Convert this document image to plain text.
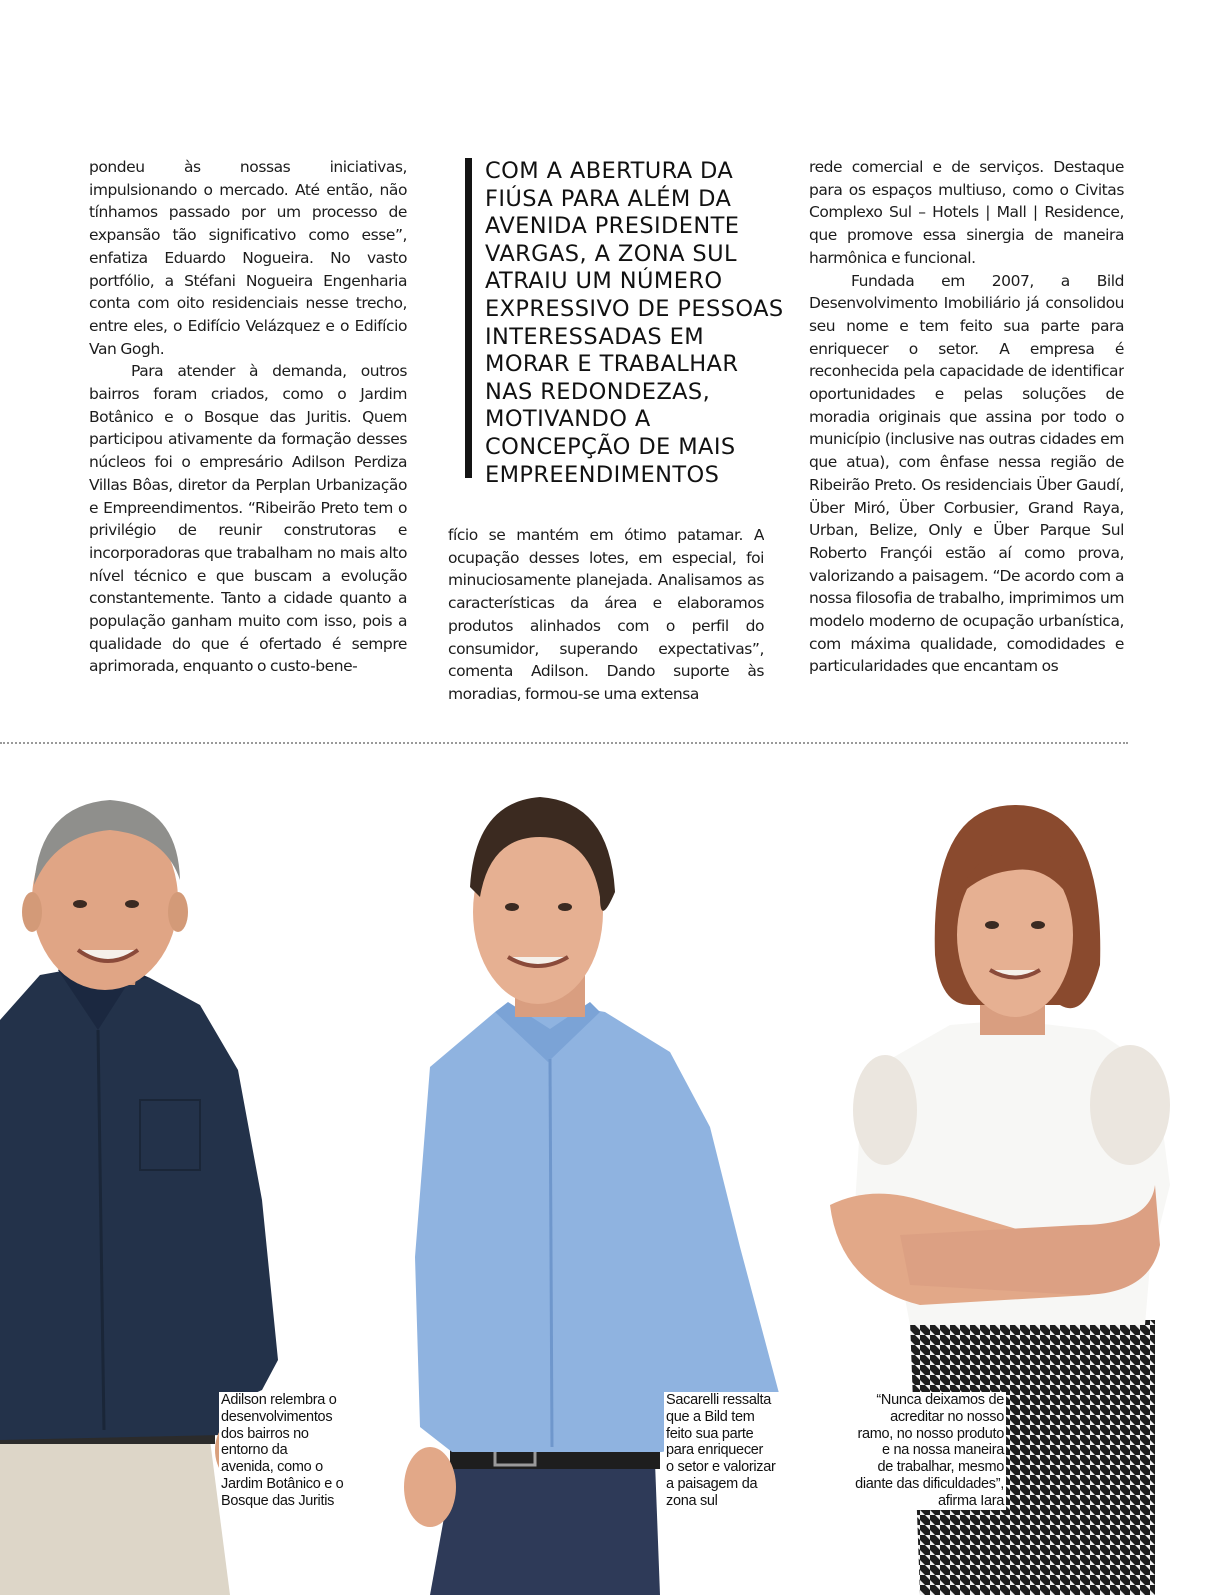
pondeu às nossas iniciativas, impulsionando o mercado. Até então, não tínhamos passado por um processo de expansão tão significativo como esse”, enfatiza Eduardo Nogueira. No vasto portfólio, a Stéfani Nogueira Engenharia conta com oito residenciais nesse trecho, entre eles, o Edifício Velázquez e o Edifício Van Gogh.

Para atender à demanda, outros bairros foram criados, como o Jardim Botânico e o Bosque das Juritis. Quem participou ativamente da formação desses núcleos foi o empresário Adilson Perdiza Villas Bôas, diretor da Perplan Urbanização e Empreendimentos. “Ribeirão Preto tem o privilégio de reunir construtoras e incorporadoras que trabalham no mais alto nível técnico e que buscam a evolução constantemente. Tanto a cidade quanto a população ganham muito com isso, pois a qualidade do que é ofertado é sempre aprimorada, enquanto o custo-bene-

COM A ABERTURA DA FIÚSA PARA ALÉM DA AVENIDA PRESIDENTE VARGAS, A ZONA SUL ATRAIU UM NÚMERO EXPRESSIVO DE PESSOAS INTERESSADAS EM MORAR E TRABALHAR NAS REDONDEZAS, MOTIVANDO A CONCEPÇÃO DE MAIS EMPREENDIMENTOS

fício se mantém em ótimo patamar. A ocupação desses lotes, em especial, foi minuciosamente planejada. Analisamos as características da área e elaboramos produtos alinhados com o perfil do consumidor, superando expectativas”, comenta Adilson. Dando suporte às moradias, formou-se uma extensa

rede comercial e de serviços. Destaque para os espaços multiuso, como o Civitas Complexo Sul – Hotels | Mall | Residence, que promove essa sinergia de maneira harmônica e funcional.

Fundada em 2007, a Bild Desenvolvimento Imobiliário já consolidou seu nome e tem feito sua parte para enriquecer o setor. A empresa é reconhecida pela capacidade de identificar oportunidades e pelas soluções de moradia originais que assina por todo o município (inclusive nas outras cidades em que atua), com ênfase nessa região de Ribeirão Preto. Os residenciais Über Gaudí, Über Miró, Über Corbusier, Grand Raya, Urban, Belize, Only e Über Parque Sul Roberto Françói estão aí como prova, valorizando a paisagem. “De acordo com a nossa filosofia de trabalho, imprimimos um modelo moderno de ocupação urbanística, com máxima qualidade, comodidades e particularidades que encantam os

Adilson relembra o
desenvolvimentos
dos bairros no
entorno da
avenida, como o
Jardim Botânico e o
Bosque das Juritis
Sacarelli ressalta
que a Bild tem
feito sua parte
para enriquecer
o setor e valorizar
a paisagem da
zona sul
“Nunca deixamos de
acreditar no nosso
ramo, no nosso produto
e na nossa maneira
de trabalhar, mesmo
diante das dificuldades”,
afirma Iara
